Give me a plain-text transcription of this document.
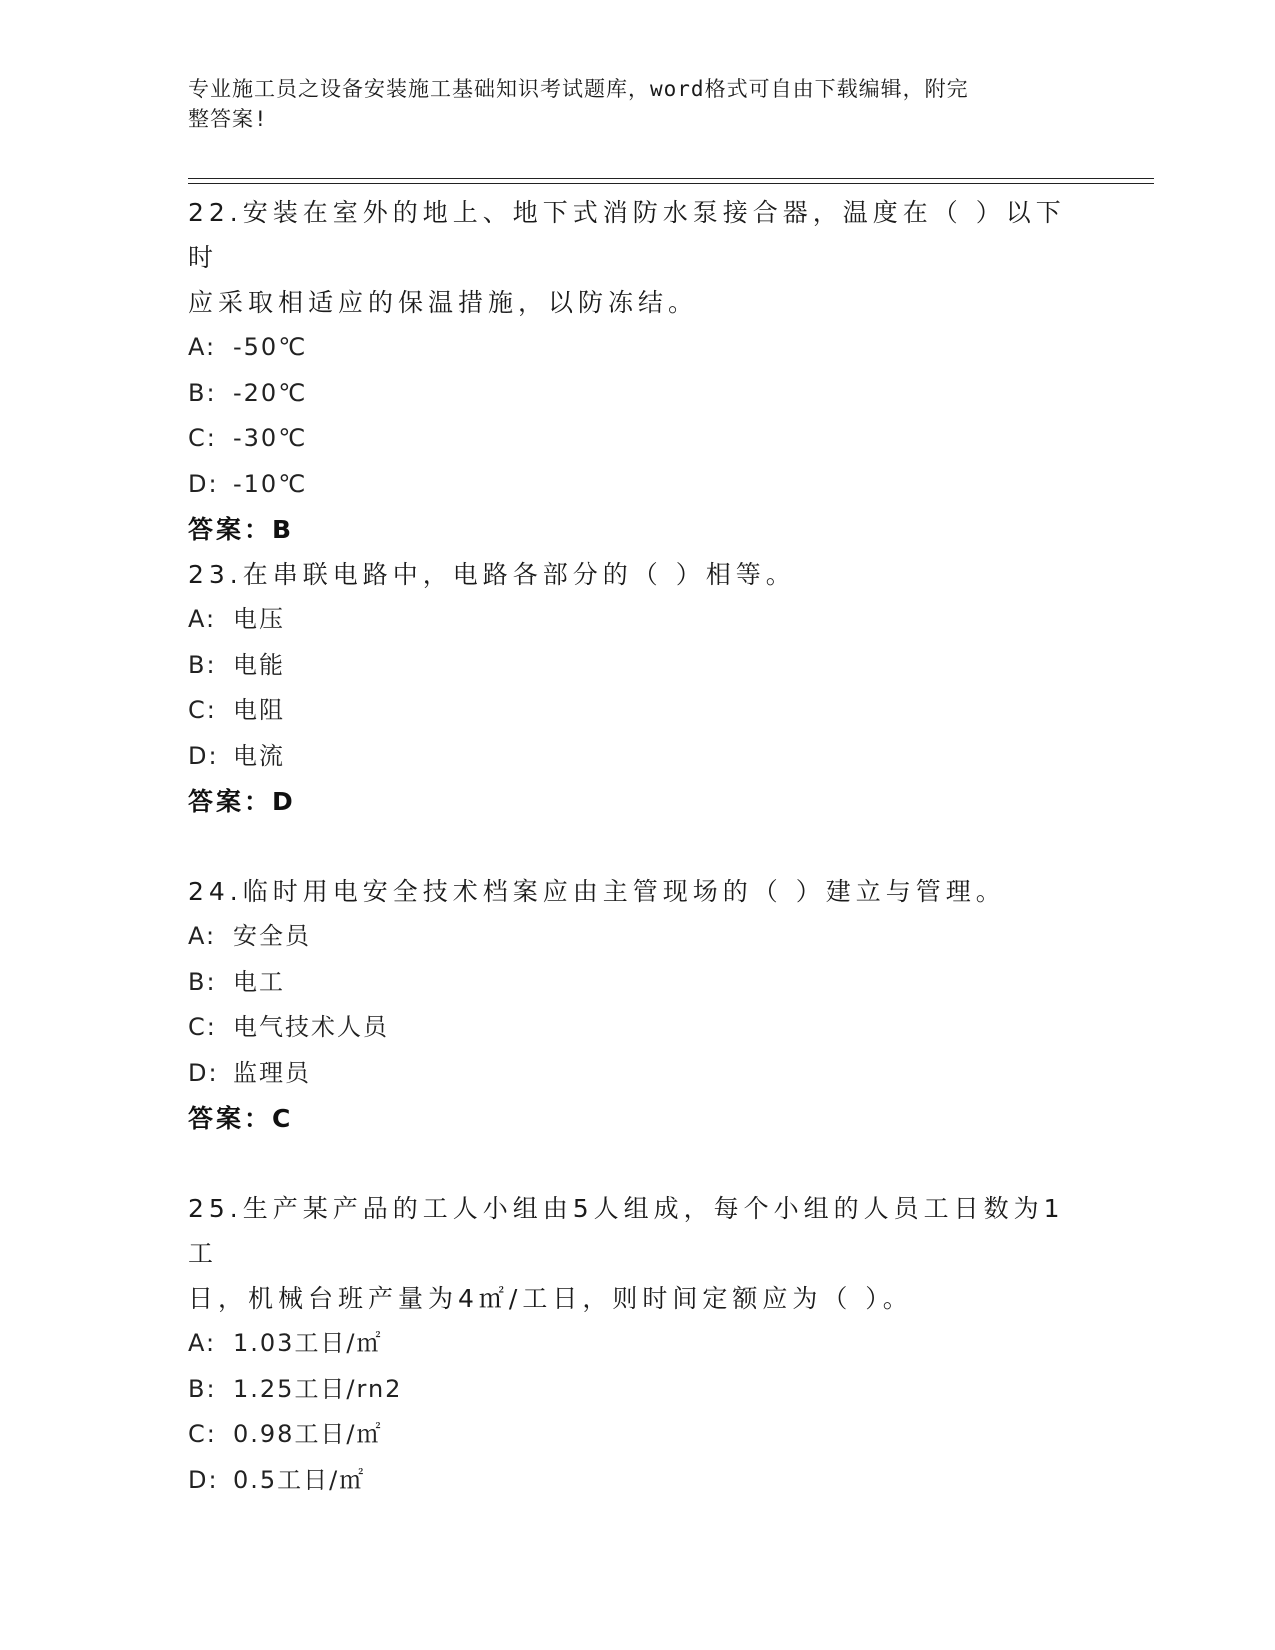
专业施工员之设备安装施工基础知识考试题库，word格式可自由下载编辑，附完
整答案!
22.安装在室外的地上、地下式消防水泵接合器，温度在（ ）以下时
应采取相适应的保温措施，以防冻结。
A: -50℃
B: -20℃
C: -30℃
D: -10℃
答案：B
23.在串联电路中，电路各部分的（ ）相等。
A: 电压
B: 电能
C: 电阻
D: 电流
答案：D
24.临时用电安全技术档案应由主管现场的（ ）建立与管理。
A: 安全员
B: 电工
C: 电气技术人员
D: 监理员
答案：C
25.生产某产品的工人小组由5人组成，每个小组的人员工日数为1工
日，机械台班产量为4㎡/工日，则时间定额应为（ ）。
A: 1.03工日/㎡
B: 1.25工日/rn2
C: 0.98工日/㎡
D: 0.5工日/㎡
